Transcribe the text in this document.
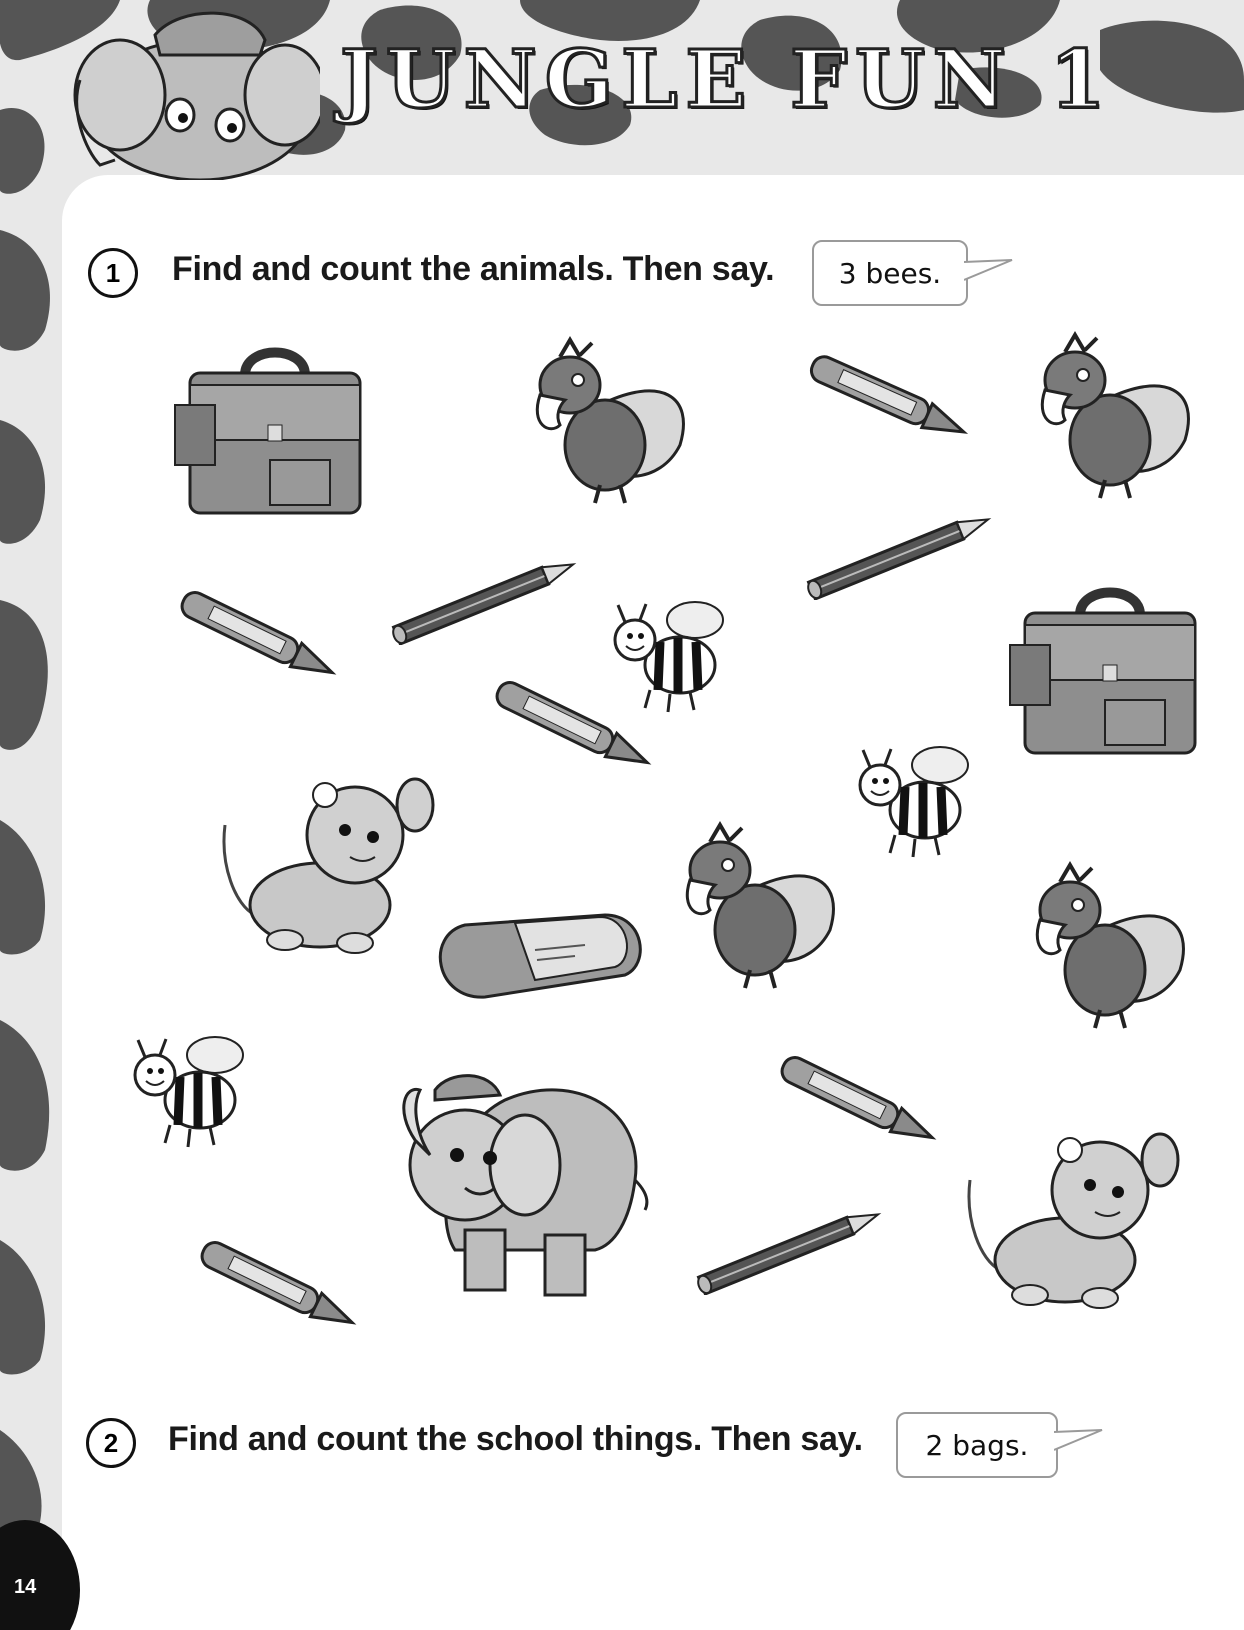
JUNGLE FUN 1
1	Find and count the animals. Then say.	3 bees.
2	Find and count the school things. Then say.	2 bags.
14
